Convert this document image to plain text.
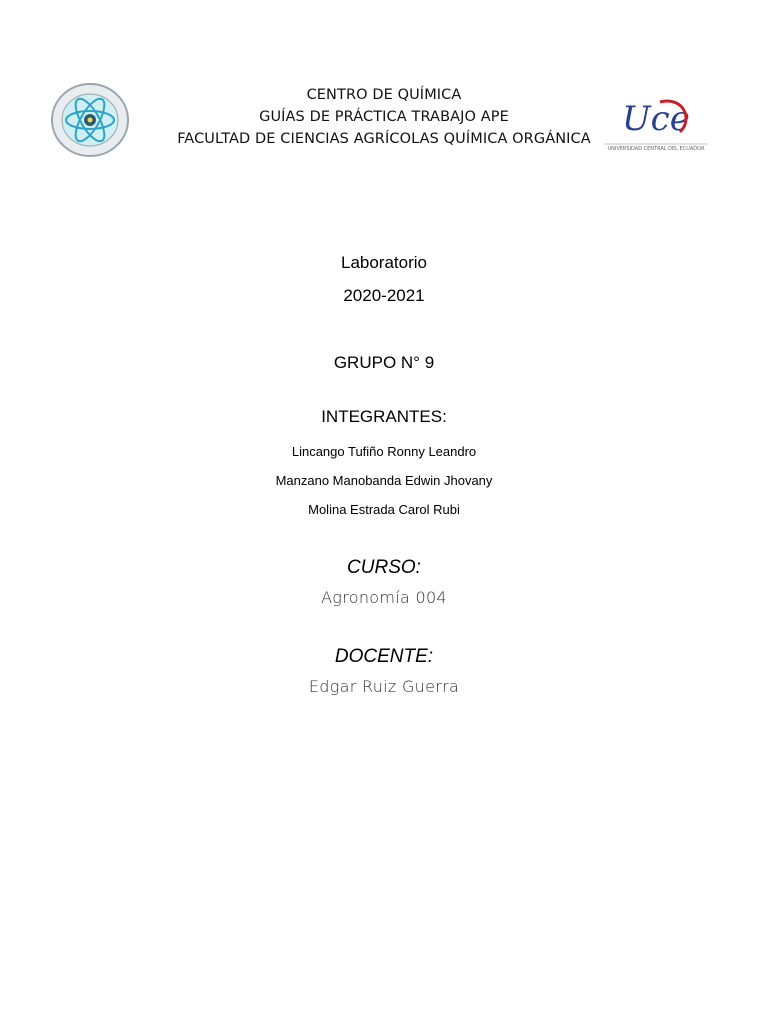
Uce
UNIVERSIDAD CENTRAL DEL ECUADOR
CENTRO DE QUÍMICA
GUÍAS DE PRÁCTICA TRABAJO APE
FACULTAD DE CIENCIAS AGRÍCOLAS QUÍMICA ORGÁNICA
Laboratorio
2020-2021
GRUPO N° 9
INTEGRANTES:
Lincango Tufiño Ronny Leandro
Manzano Manobanda Edwin Jhovany
Molina Estrada Carol Rubi
CURSO:
Agronomía 004
DOCENTE:
Edgar Ruiz Guerra
